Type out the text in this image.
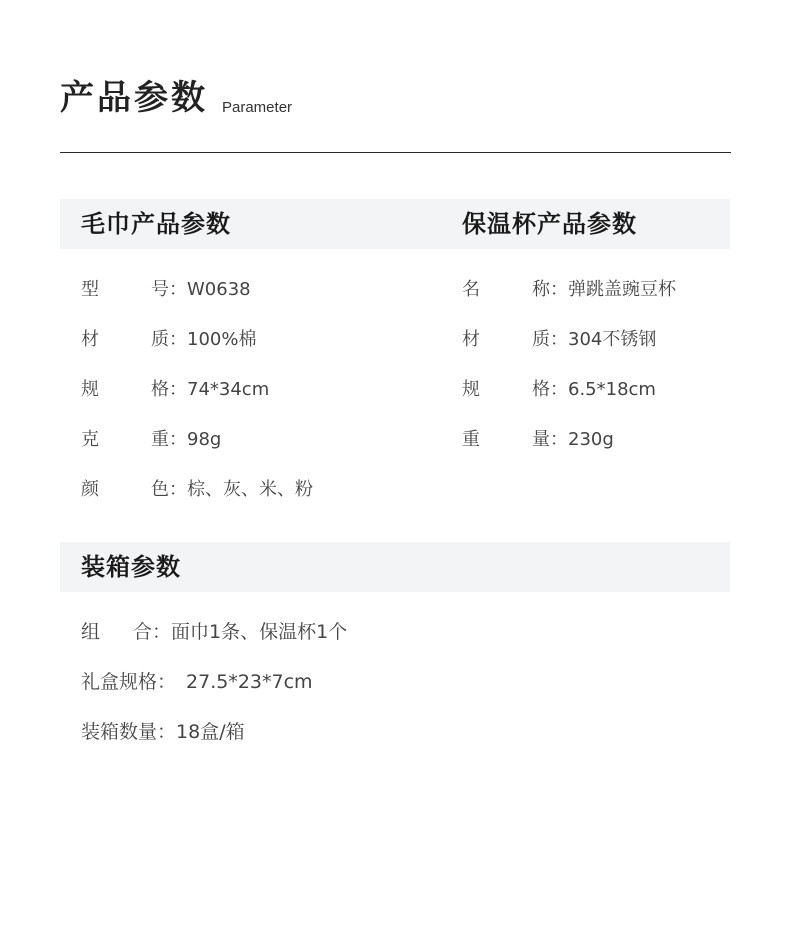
产品参数 Parameter
毛巾产品参数	保温杯产品参数
型	号 ： W0638
材	质 ： 100%棉
规	格 ： 74*34cm
克	重 ： 98g
颜	色 ： 棕、灰、米、粉
名	称 ： 弹跳盖豌豆杯
材	质 ： 304不锈钢
规	格 ： 6.5*18cm
重	量 ： 230g
装箱参数
组	合 ： 面巾1条、保温杯1个
礼盒规格 ： 27.5*23*7cm
装箱数量 ： 18盒/箱
